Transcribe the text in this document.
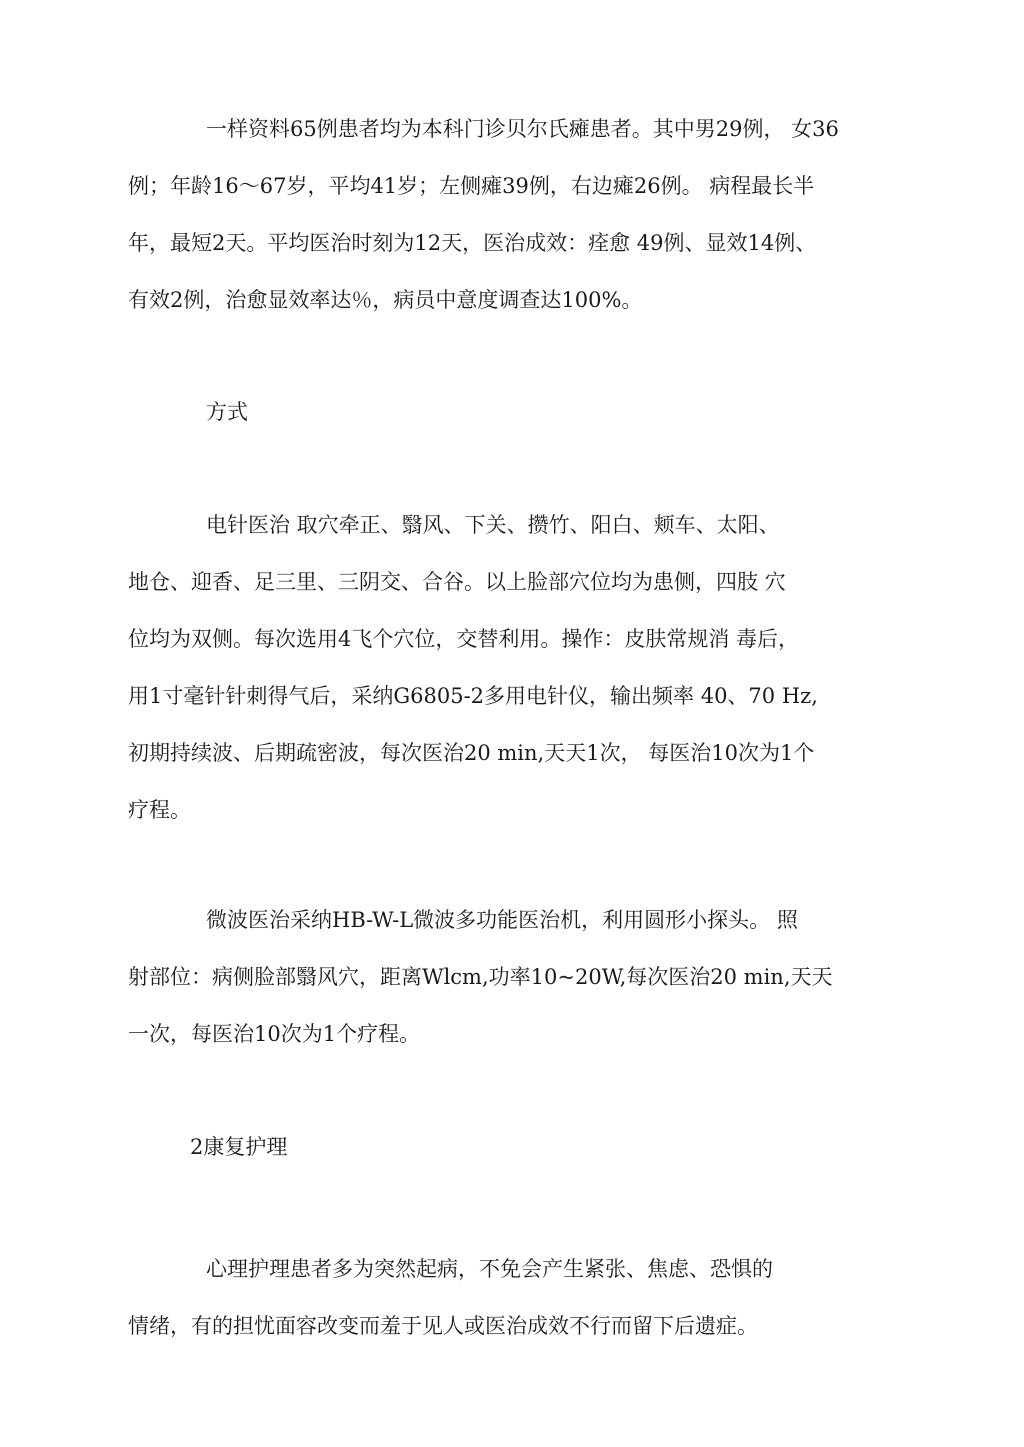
一样资料65例患者均为本科门诊贝尔氏瘫患者。其中男29例， 女36
例；年龄16～67岁，平均41岁；左侧瘫39例，右边瘫26例。 病程最长半
年，最短2天。平均医治时刻为12天，医治成效：痊愈 49例、显效14例、
有效2例，治愈显效率达％，病员中意度调查达100%。
方式
电针医治 取穴牵正、翳风、下关、攒竹、阳白、颊车、太阳、
地仓、迎香、足三里、三阴交、合谷。以上脸部穴位均为患侧，四肢 穴
位均为双侧。每次选用4飞个穴位，交替利用。操作：皮肤常规消 毒后，
用1寸毫针针刺得气后，采纳G6805-2多用电针仪，输出频率 40、70 Hz,
初期持续波、后期疏密波，每次医治20 min,天天1次， 每医治10次为1个
疗程。
微波医治采纳HB-W-L微波多功能医治机，利用圆形小探头。 照
射部位：病侧脸部翳风穴，距离Wlcm,功率10~20W,每次医治20 min,天天
一次，每医治10次为1个疗程。
2康复护理
心理护理患者多为突然起病，不免会产生紧张、焦虑、恐惧的
情绪，有的担忧面容改变而羞于见人或医治成效不行而留下后遗症。
